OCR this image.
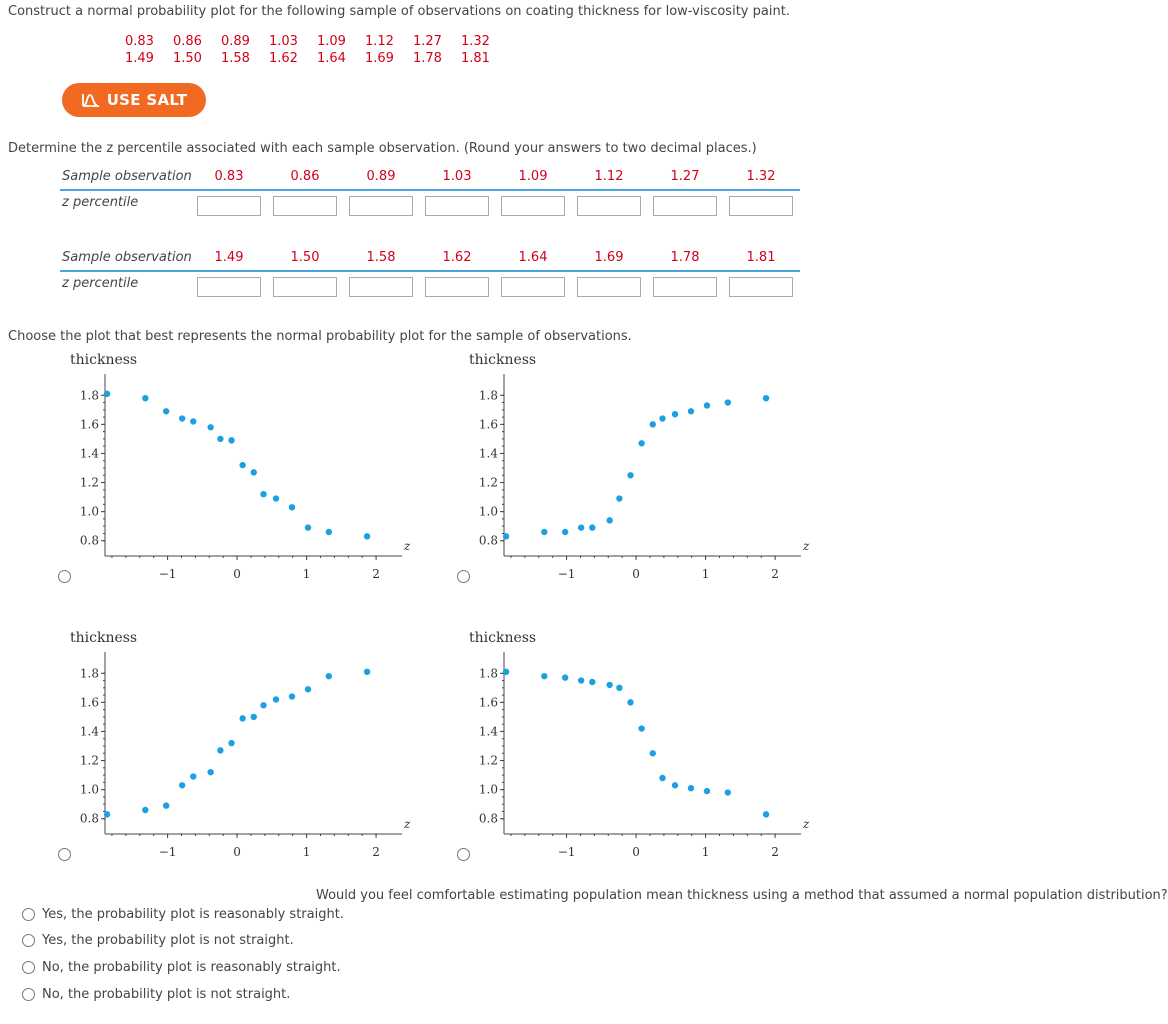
Construct a normal probability plot for the following sample of observations on coating thickness for low-viscosity paint.
0.83	0.86	0.89	1.03	1.09	1.12	1.27	1.32
1.49	1.50	1.58	1.62	1.64	1.69	1.78	1.81
USE SALT
Determine the z percentile associated with each sample observation. (Round your answers to two decimal places.)
Sample observation	0.83	0.86	0.89	1.03	1.09	1.12	1.27	1.32
z percentile
Sample observation	1.49	1.50	1.58	1.62	1.64	1.69	1.78	1.81
z percentile
Choose the plot that best represents the normal probability plot for the sample of observations.
thickness
0.8
1.0
1.2
1.4
1.6
1.8
−1	0	1	2
z
thickness
0.8
1.0
1.2
1.4
1.6
1.8
−1	0	1	2
z
thickness
0.8
1.0
1.2
1.4
1.6
1.8
−1	0	1	2
z
thickness
0.8
1.0
1.2
1.4
1.6
1.8
−1	0	1	2
z
Would you feel comfortable estimating population mean thickness using a method that assumed a normal population distribution?
Yes, the probability plot is reasonably straight.
Yes, the probability plot is not straight.
No, the probability plot is reasonably straight.
No, the probability plot is not straight.
